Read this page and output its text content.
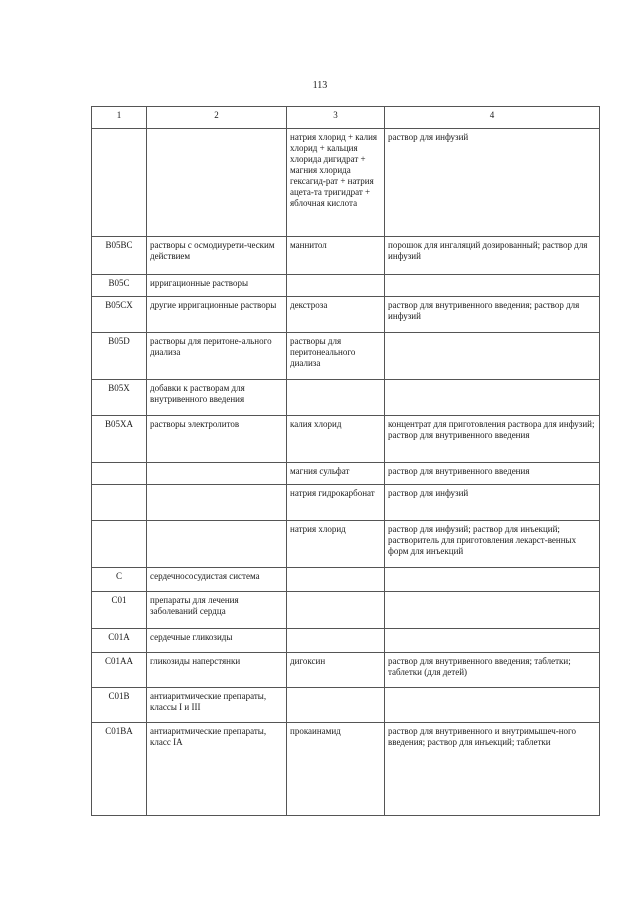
113
1	2	3	4
		натрия хлорид + калия хлорид + кальция хлорида дигидрат + магния хлорида гексагид-рат + натрия ацета-та тригидрат + яблочная кислота	раствор для инфузий
B05BC	растворы с осмодиурети-ческим действием	маннитол	порошок для ингаляций дозированный; раствор для инфузий
B05C	ирригационные растворы		
B05CX	другие ирригационные растворы	декстроза	раствор для внутривенного введения; раствор для инфузий
B05D	растворы для перитоне-ального диализа	растворы для перитонеального диализа	
B05X	добавки к растворам для внутривенного введения		
B05XA	растворы электролитов	калия хлорид	концентрат для приготовления раствора для инфузий; раствор для внутривенного введения
		магния сульфат	раствор для внутривенного введения
		натрия гидрокарбонат	раствор для инфузий
		натрия хлорид	раствор для инфузий; раствор для инъекций; растворитель для приготовления лекарст-венных форм для инъекций
C	сердечнососудистая система		
C01	препараты для лечения заболеваний сердца		
C01A	сердечные гликозиды		
C01AA	гликозиды наперстянки	дигоксин	раствор для внутривенного введения; таблетки; таблетки (для детей)
C01B	антиаритмические препараты, классы I и III		
C01BA	антиаритмические препараты, класс IA	прокаинамид	раствор для внутривенного и внутримышеч-ного введения; раствор для инъекций; таблетки
